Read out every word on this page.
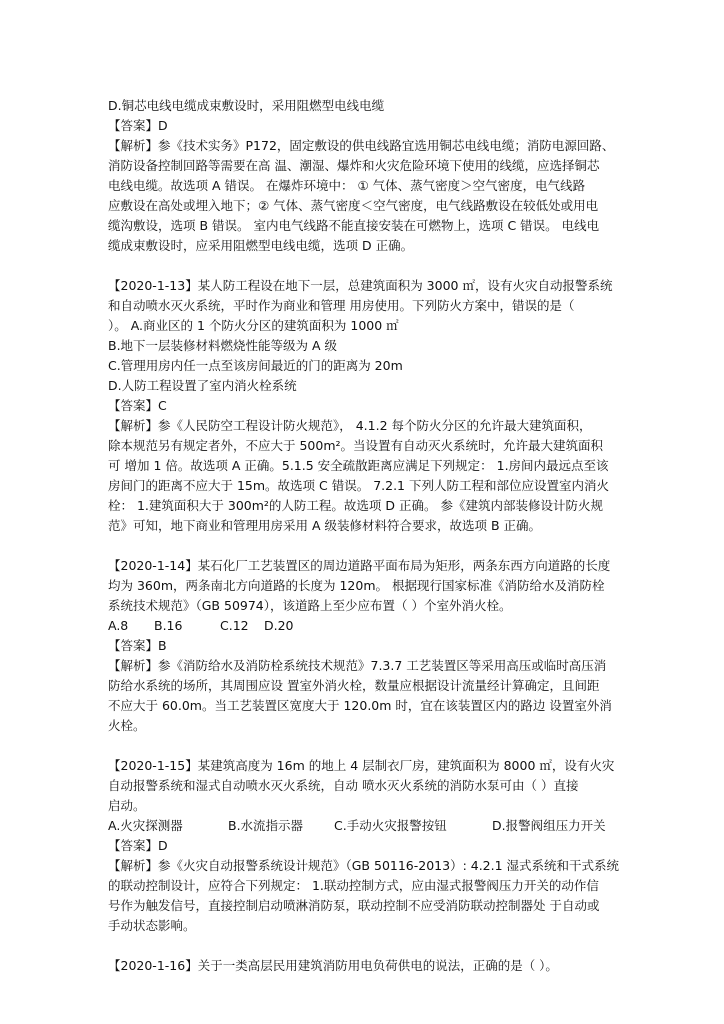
D.铜芯电线电缆成束敷设时，采用阻燃型电线电缆
【答案】D
【解析】参《技术实务》P172，固定敷设的供电线路宜选用铜芯电线电缆；消防电源回路、
消防设备控制回路等需要在高 温、潮湿、爆炸和火灾危险环境下使用的线缆，应选择铜芯
电线电缆。故选项 A 错误。 在爆炸环境中： ① 气体、蒸气密度＞空气密度，电气线路
应敷设在高处或埋入地下；② 气体、蒸气密度＜空气密度，电气线路敷设在较低处或用电
缆沟敷设，选项 B 错误。 室内电气线路不能直接安装在可燃物上，选项 C 错误。 电线电
缆成束敷设时，应采用阻燃型电线电缆，选项 D 正确。
【2020-1-13】某人防工程设在地下一层，总建筑面积为 3000 ㎡，设有火灾自动报警系统
和自动喷水灭火系统，平时作为商业和管理 用房使用。下列防火方案中，错误的是（
）。 A.商业区的 1 个防火分区的建筑面积为 1000 ㎡
B.地下一层装修材料燃烧性能等级为 A 级
C.管理用房内任一点至该房间最近的门的距离为 20m
D.人防工程设置了室内消火栓系统
【答案】C
【解析】参《人民防空工程设计防火规范》， 4.1.2 每个防火分区的允许最大建筑面积，
除本规范另有规定者外，不应大于 500m²。当设置有自动灭火系统时，允许最大建筑面积
可 增加 1 倍。故选项 A 正确。5.1.5 安全疏散距离应满足下列规定： 1.房间内最远点至该
房间门的距离不应大于 15m。故选项 C 错误。 7.2.1 下列人防工程和部位应设置室内消火
栓： 1.建筑面积大于 300m²的人防工程。故选项 D 正确。 参《建筑内部装修设计防火规
范》可知，地下商业和管理用房采用 A 级装修材料符合要求，故选项 B 正确。
【2020-1-14】某石化厂工艺装置区的周边道路平面布局为矩形，两条东西方向道路的长度
均为 360m，两条南北方向道路的长度为 120m。 根据现行国家标准《消防给水及消防栓
系统技术规范》（GB 50974），该道路上至少应布置（ ）个室外消火栓。
A.8	B.16	C.12	D.20
【答案】B
【解析】参《消防给水及消防栓系统技术规范》7.3.7 工艺装置区等采用高压或临时高压消
防给水系统的场所，其周围应设 置室外消火栓，数量应根据设计流量经计算确定，且间距
不应大于 60.0m。当工艺装置区宽度大于 120.0m 时，宜在该装置区内的路边 设置室外消
火栓。
【2020-1-15】某建筑高度为 16m 的地上 4 层制衣厂房，建筑面积为 8000 ㎡，设有火灾
自动报警系统和湿式自动喷水灭火系统，自动 喷水灭火系统的消防水泵可由（ ）直接
启动。
A.火灾探测器	B.水流指示器	C.手动火灾报警按钮	D.报警阀组压力开关
【答案】D
【解析】参《火灾自动报警系统设计规范》（GB 50116-2013）: 4.2.1 湿式系统和干式系统
的联动控制设计，应符合下列规定： 1.联动控制方式，应由湿式报警阀压力开关的动作信
号作为触发信号，直接控制启动喷淋消防泵，联动控制不应受消防联动控制器处 于自动或
手动状态影响。
【2020-1-16】关于一类高层民用建筑消防用电负荷供电的说法，正确的是（ ）。
